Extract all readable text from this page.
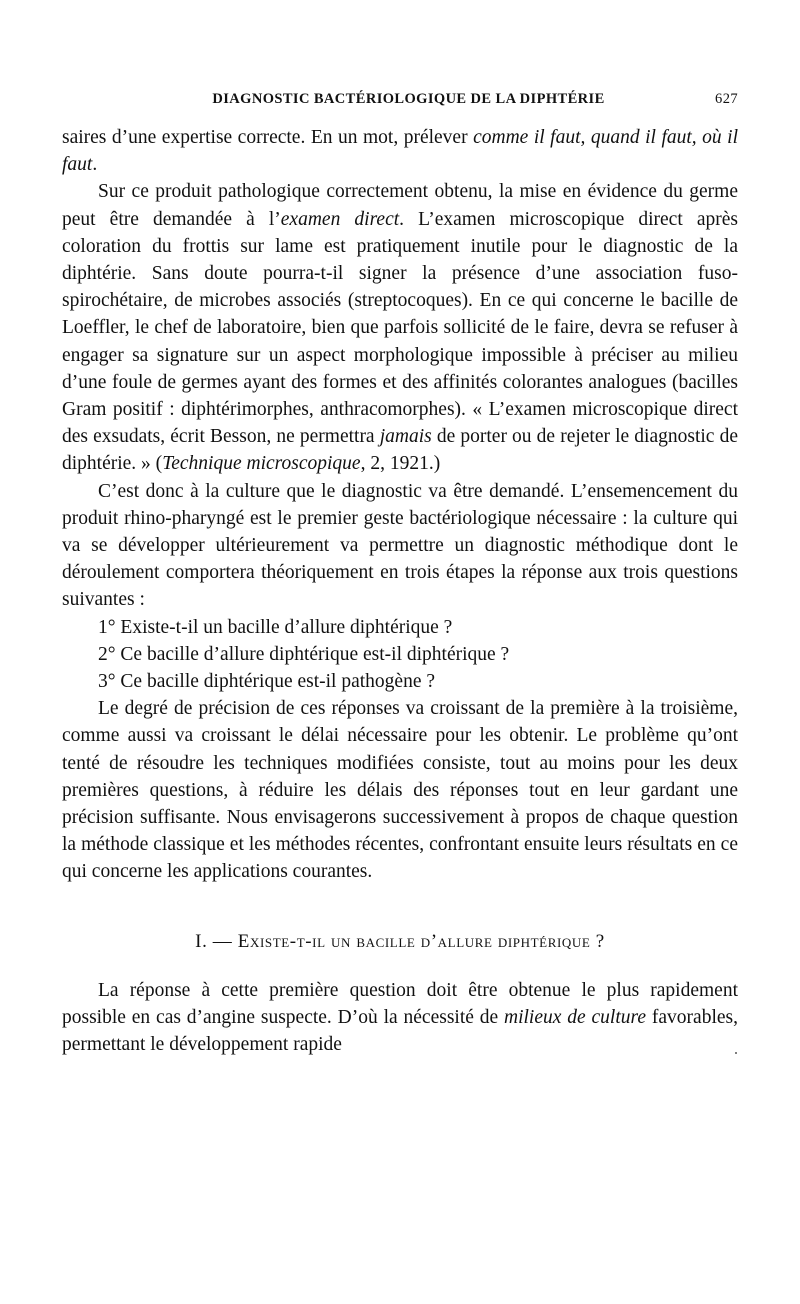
DIAGNOSTIC BACTÉRIOLOGIQUE DE LA DIPHTÉRIE	627

saires d’une expertise correcte. En un mot, prélever comme il faut, quand il faut, où il faut.

Sur ce produit pathologique correctement obtenu, la mise en évidence du germe peut être demandée à l’examen direct. L’examen microscopique direct après coloration du frottis sur lame est pratiquement inutile pour le diagnostic de la diphtérie. Sans doute pourra-t-il signer la présence d’une association fuso-spirochétaire, de microbes associés (streptocoques). En ce qui concerne le bacille de Loeffler, le chef de laboratoire, bien que parfois sollicité de le faire, devra se refuser à engager sa signature sur un aspect morphologique impossible à préciser au milieu d’une foule de germes ayant des formes et des affinités colorantes analogues (bacilles Gram positif : diphtérimorphes, anthracomorphes). « L’examen microscopique direct des exsudats, écrit Besson, ne permettra jamais de porter ou de rejeter le diagnostic de diphtérie. » (Technique microscopique, 2, 1921.)

C’est donc à la culture que le diagnostic va être demandé. L’ensemencement du produit rhino-pharyngé est le premier geste bactériologique nécessaire : la culture qui va se développer ultérieurement va permettre un diagnostic méthodique dont le déroulement comportera théoriquement en trois étapes la réponse aux trois questions suivantes :

1° Existe-t-il un bacille d’allure diphtérique ?

2° Ce bacille d’allure diphtérique est-il diphtérique ?

3° Ce bacille diphtérique est-il pathogène ?

Le degré de précision de ces réponses va croissant de la première à la troisième, comme aussi va croissant le délai nécessaire pour les obtenir. Le problème qu’ont tenté de résoudre les techniques modifiées consiste, tout au moins pour les deux premières questions, à réduire les délais des réponses tout en leur gardant une précision suffisante. Nous envisagerons successivement à propos de chaque question la méthode classique et les méthodes récentes, confrontant ensuite leurs résultats en ce qui concerne les applications courantes.

I. — Existe-t-il un bacille d’allure diphtérique ?

La réponse à cette première question doit être obtenue le plus rapidement possible en cas d’angine suspecte. D’où la nécessité de milieux de culture favorables, permettant le développement rapide
